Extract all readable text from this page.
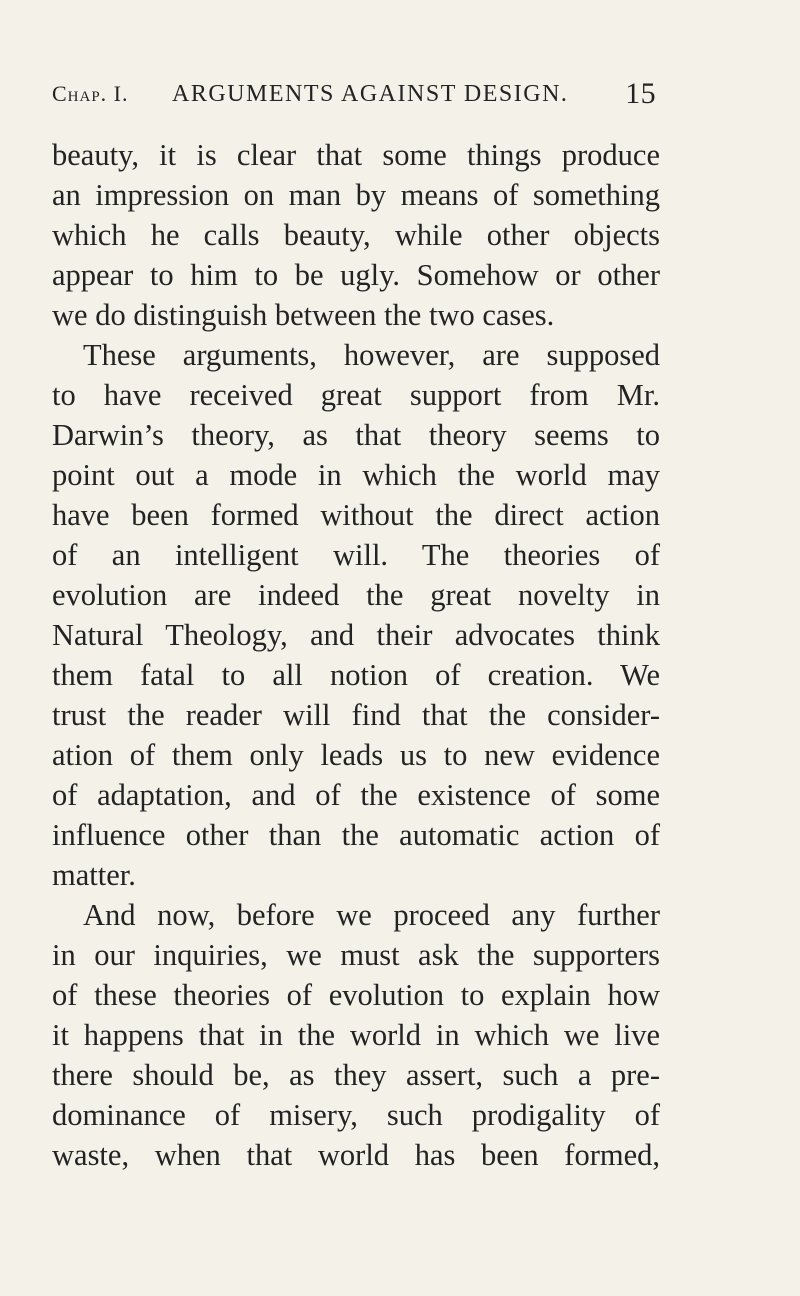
Chap. I. ARGUMENTS AGAINST DESIGN. 15
beauty, it is clear that some things produce
an impression on man by means of something
which he calls beauty, while other objects
appear to him to be ugly. Somehow or other
we do distinguish between the two cases.
These arguments, however, are supposed
to have received great support from Mr.
Darwin’s theory, as that theory seems to
point out a mode in which the world may
have been formed without the direct action
of an intelligent will. The theories of
evolution are indeed the great novelty in
Natural Theology, and their advocates think
them fatal to all notion of creation. We
trust the reader will find that the consider-
ation of them only leads us to new evidence
of adaptation, and of the existence of some
influence other than the automatic action of
matter.
And now, before we proceed any further
in our inquiries, we must ask the supporters
of these theories of evolution to explain how
it happens that in the world in which we live
there should be, as they assert, such a pre-
dominance of misery, such prodigality of
waste, when that world has been formed,
